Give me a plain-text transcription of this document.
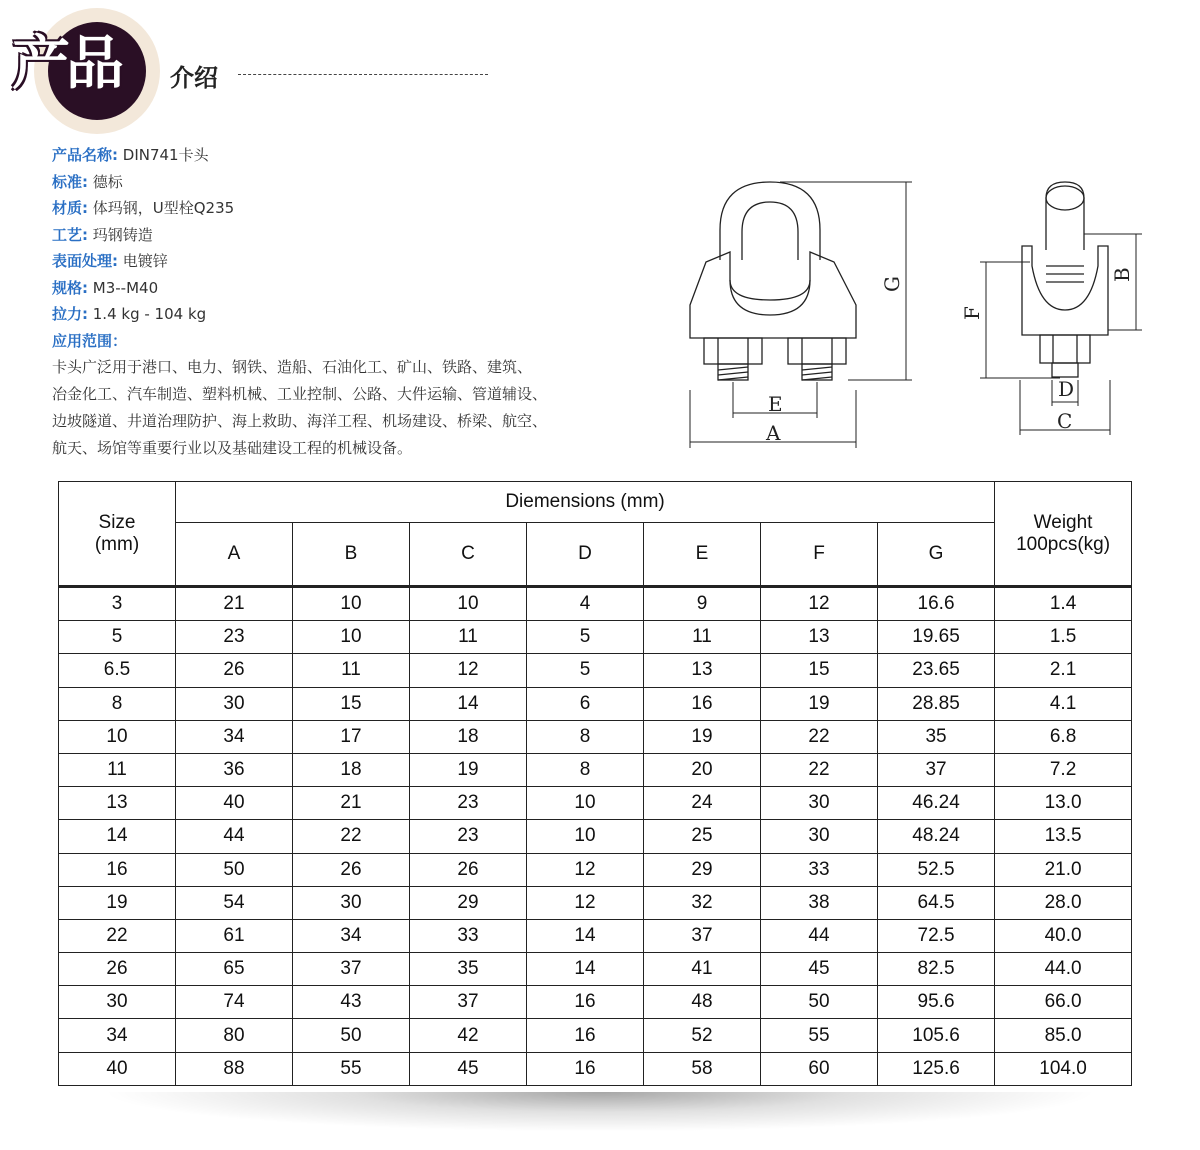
产品	介绍
产品名称: DIN741卡头
标准: 德标
材质: 体玛钢，U型栓Q235
工艺: 玛钢铸造
表面处理: 电镀锌
规格: M3--M40
拉力: 1.4 kg - 104 kg
应用范围：
卡头广泛用于港口、电力、钢铁、造船、石油化工、矿山、铁路、建筑、
冶金化工、汽车制造、塑料机械、工业控制、公路、大件运输、管道辅设、
边坡隧道、井道治理防护、海上救助、海洋工程、机场建设、桥梁、航空、
航天、场馆等重要行业以及基础建设工程的机械设备。
A
E
G
C
D
F
B
Size
(mm)	Diemensions (mm)							Weight
100pcs(kg)
	A	B	C	D	E	F	G	
3	21	10	10	4	9	12	16.6	1.4
5	23	10	11	5	11	13	19.65	1.5
6.5	26	11	12	5	13	15	23.65	2.1
8	30	15	14	6	16	19	28.85	4.1
10	34	17	18	8	19	22	35	6.8
11	36	18	19	8	20	22	37	7.2
13	40	21	23	10	24	30	46.24	13.0
14	44	22	23	10	25	30	48.24	13.5
16	50	26	26	12	29	33	52.5	21.0
19	54	30	29	12	32	38	64.5	28.0
22	61	34	33	14	37	44	72.5	40.0
26	65	37	35	14	41	45	82.5	44.0
30	74	43	37	16	48	50	95.6	66.0
34	80	50	42	16	52	55	105.6	85.0
40	88	55	45	16	58	60	125.6	104.0
